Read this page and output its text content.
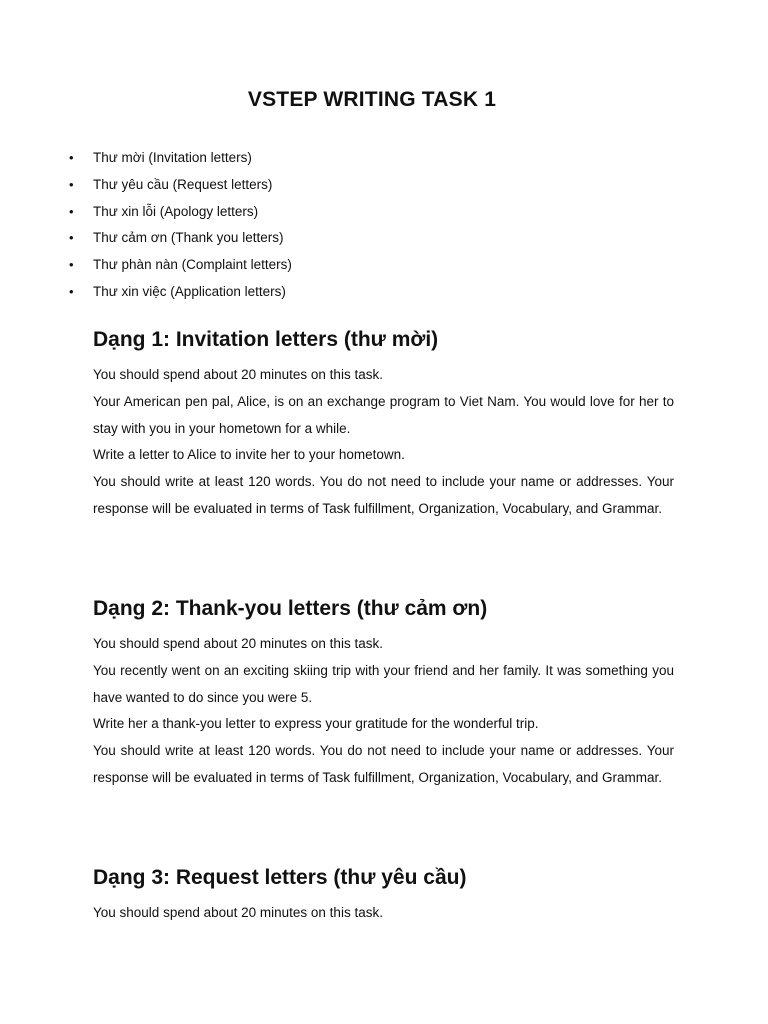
VSTEP WRITING TASK 1
• Thư mời (Invitation letters)
• Thư yêu cầu (Request letters)
• Thư xin lỗi (Apology letters)
• Thư cảm ơn (Thank you letters)
• Thư phàn nàn (Complaint letters)
• Thư xin việc (Application letters)
Dạng 1: Invitation letters (thư mời)

You should spend about 20 minutes on this task.

Your American pen pal, Alice, is on an exchange program to Viet Nam. You would love for her to stay with you in your hometown for a while.

Write a letter to Alice to invite her to your hometown.

You should write at least 120 words. You do not need to include your name or addresses. Your response will be evaluated in terms of Task fulfillment, Organization, Vocabulary, and Grammar.

Dạng 2: Thank-you letters (thư cảm ơn)

You should spend about 20 minutes on this task.

You recently went on an exciting skiing trip with your friend and her family. It was something you have wanted to do since you were 5.

Write her a thank-you letter to express your gratitude for the wonderful trip.

You should write at least 120 words. You do not need to include your name or addresses. Your response will be evaluated in terms of Task fulfillment, Organization, Vocabulary, and Grammar.

Dạng 3: Request letters (thư yêu cầu)

You should spend about 20 minutes on this task.
